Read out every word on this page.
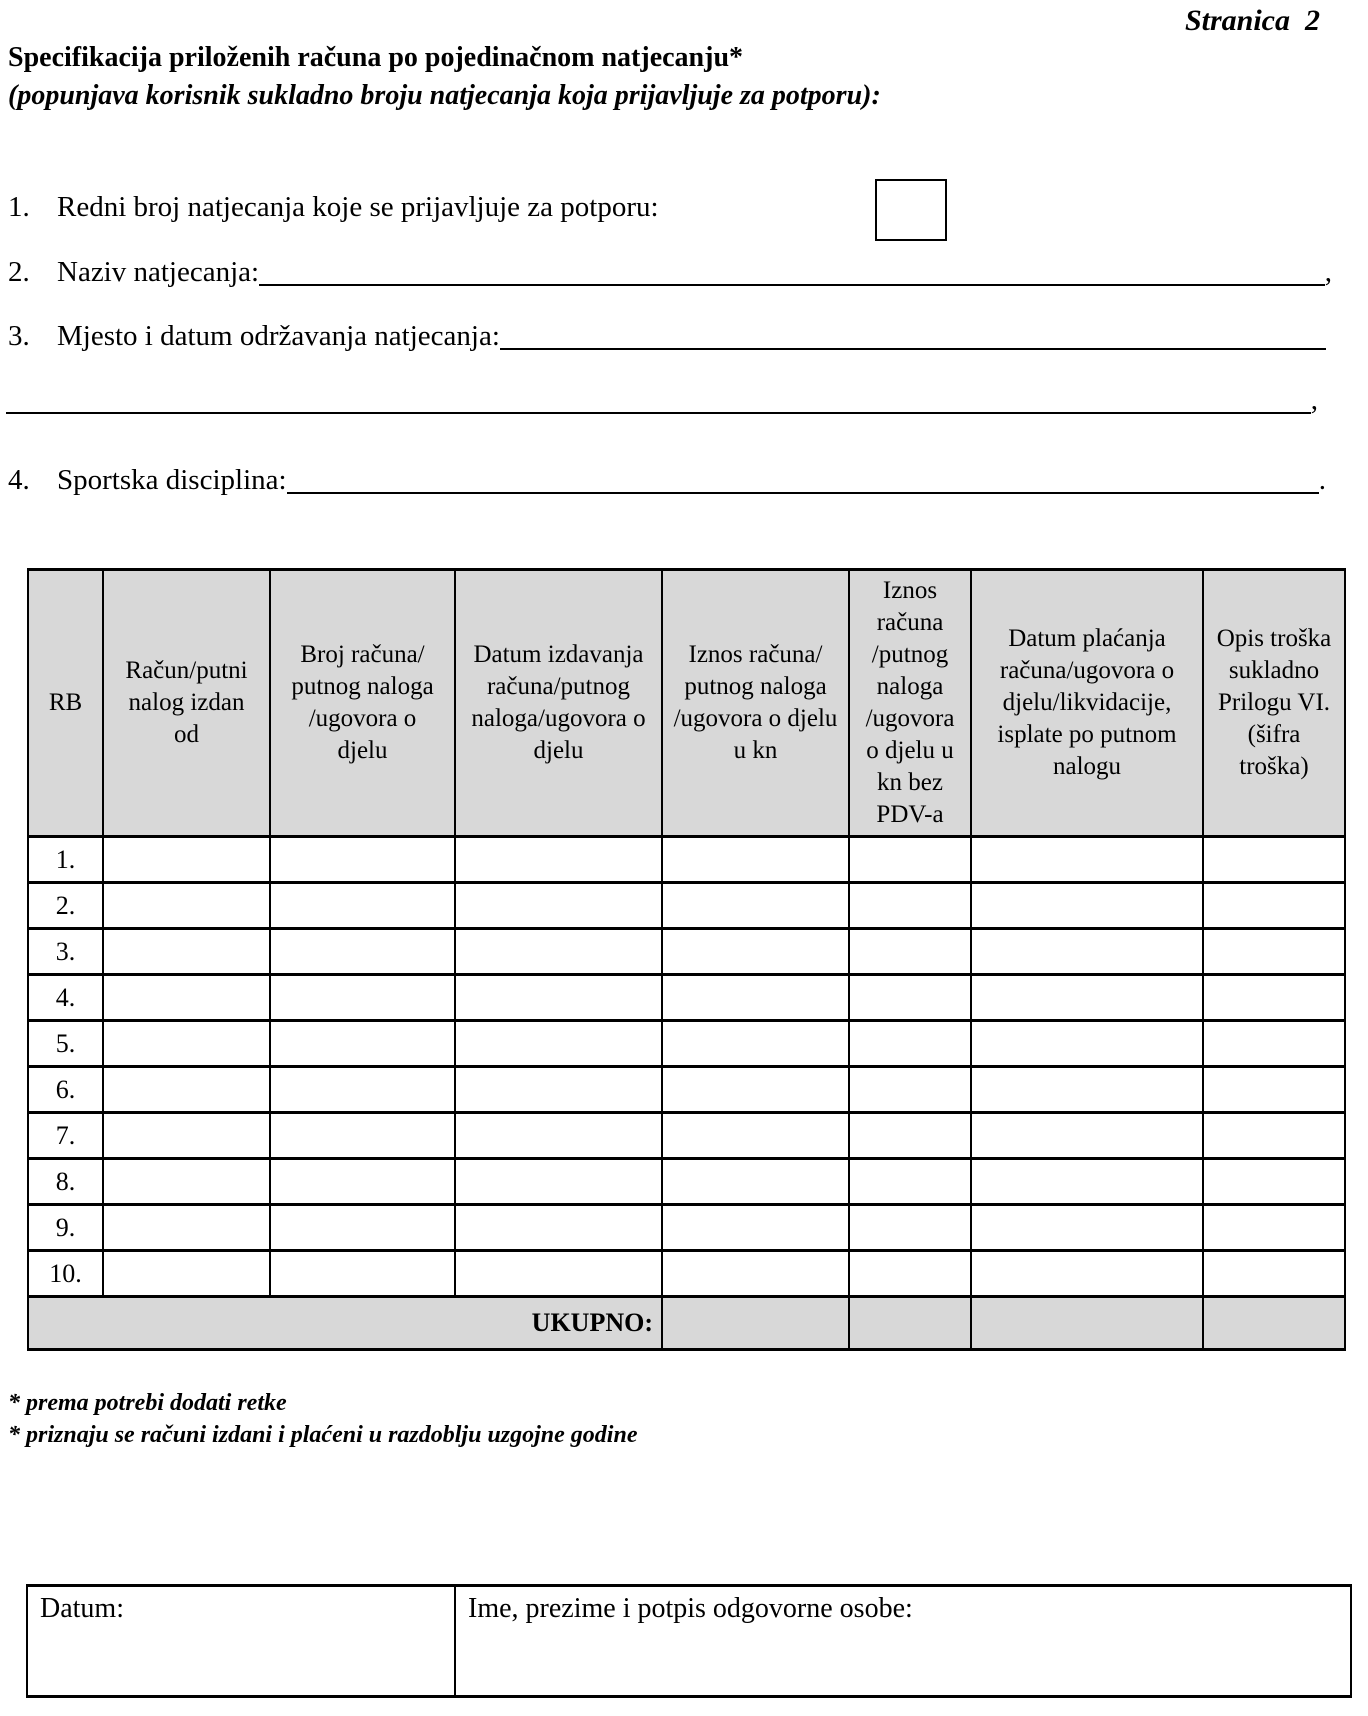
Stranica  2
Specifikacija priloženih računa po pojedinačnom natjecanju*
(popunjava korisnik sukladno broju natjecanja koja prijavljuje za potporu):
1. Redni broj natjecanja koje se prijavljuje za potporu:
2. Naziv natjecanja:	,
3. Mjesto i datum održavanja natjecanja:
,
4. Sportska disciplina:	.
RB	Račun/putni nalog izdan od	Broj računa/ putnog naloga /ugovora o djelu	Datum izdavanja računa/putnog naloga/ugovora o djelu	Iznos računa/ putnog naloga /ugovora o djelu u kn	Iznos računa /putnog naloga /ugovora o djelu u kn bez PDV-a	Datum plaćanja računa/ugovora o djelu/likvidacije, isplate po putnom nalogu	Opis troška sukladno Prilogu VI. (šifra troška)
1.							
2.							
3.							
4.							
5.							
6.							
7.							
8.							
9.							
10.							
UKUPNO:							
* prema potrebi dodati retke
* priznaju se računi izdani i plaćeni u razdoblju uzgojne godine
Datum:	Ime, prezime i potpis odgovorne osobe:
